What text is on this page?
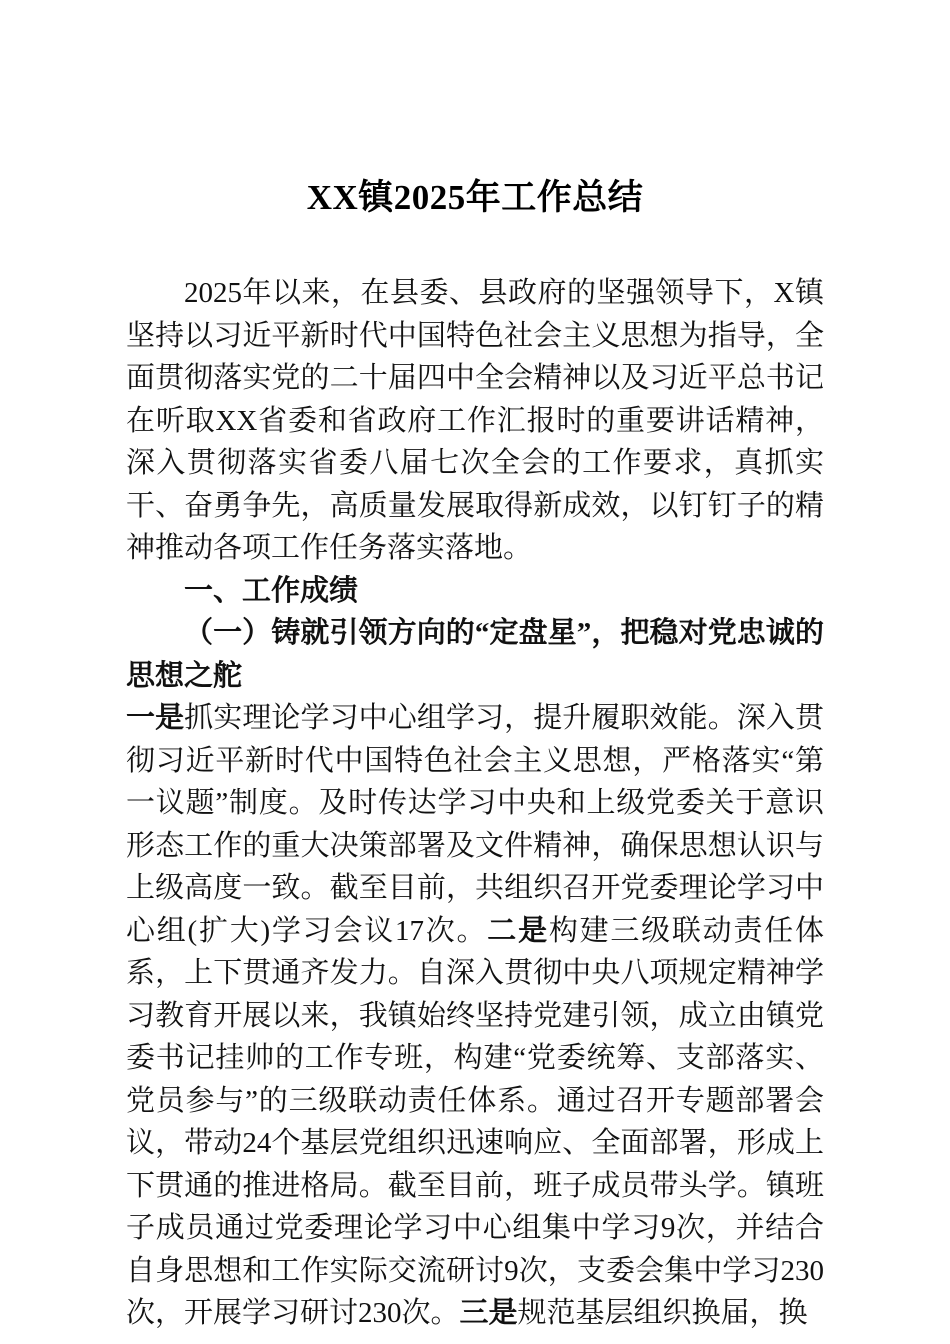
XX镇2025年工作总结

2025年以来，在县委、县政府的坚强领导下，X镇坚持以习近平新时代中国特色社会主义思想为指导，全面贯彻落实党的二十届四中全会精神以及习近平总书记在听取XX省委和省政府工作汇报时的重要讲话精神，深入贯彻落实省委八届七次全会的工作要求，真抓实干、奋勇争先，高质量发展取得新成效，以钉钉子的精神推动各项工作任务落实落地。

一、工作成绩

（一）铸就引领方向的“定盘星”，把稳对党忠诚的思想之舵

一是抓实理论学习中心组学习，提升履职效能。深入贯彻习近平新时代中国特色社会主义思想，严格落实“第一议题”制度。及时传达学习中央和上级党委关于意识形态工作的重大决策部署及文件精神，确保思想认识与上级高度一致。截至目前，共组织召开党委理论学习中心组(扩大)学习会议17次。二是构建三级联动责任体系，上下贯通齐发力。自深入贯彻中央八项规定精神学习教育开展以来，我镇始终坚持党建引领，成立由镇党委书记挂帅的工作专班，构建“党委统筹、支部落实、党员参与”的三级联动责任体系。通过召开专题部署会议，带动24个基层党组织迅速响应、全面部署，形成上下贯通的推进格局。截至目前，班子成员带头学。镇班子成员通过党委理论学习中心组集中学习9次，并结合自身思想和工作实际交流研讨9次，支委会集中学习230次，开展学习研讨230次。三是规范基层组织换届，换
